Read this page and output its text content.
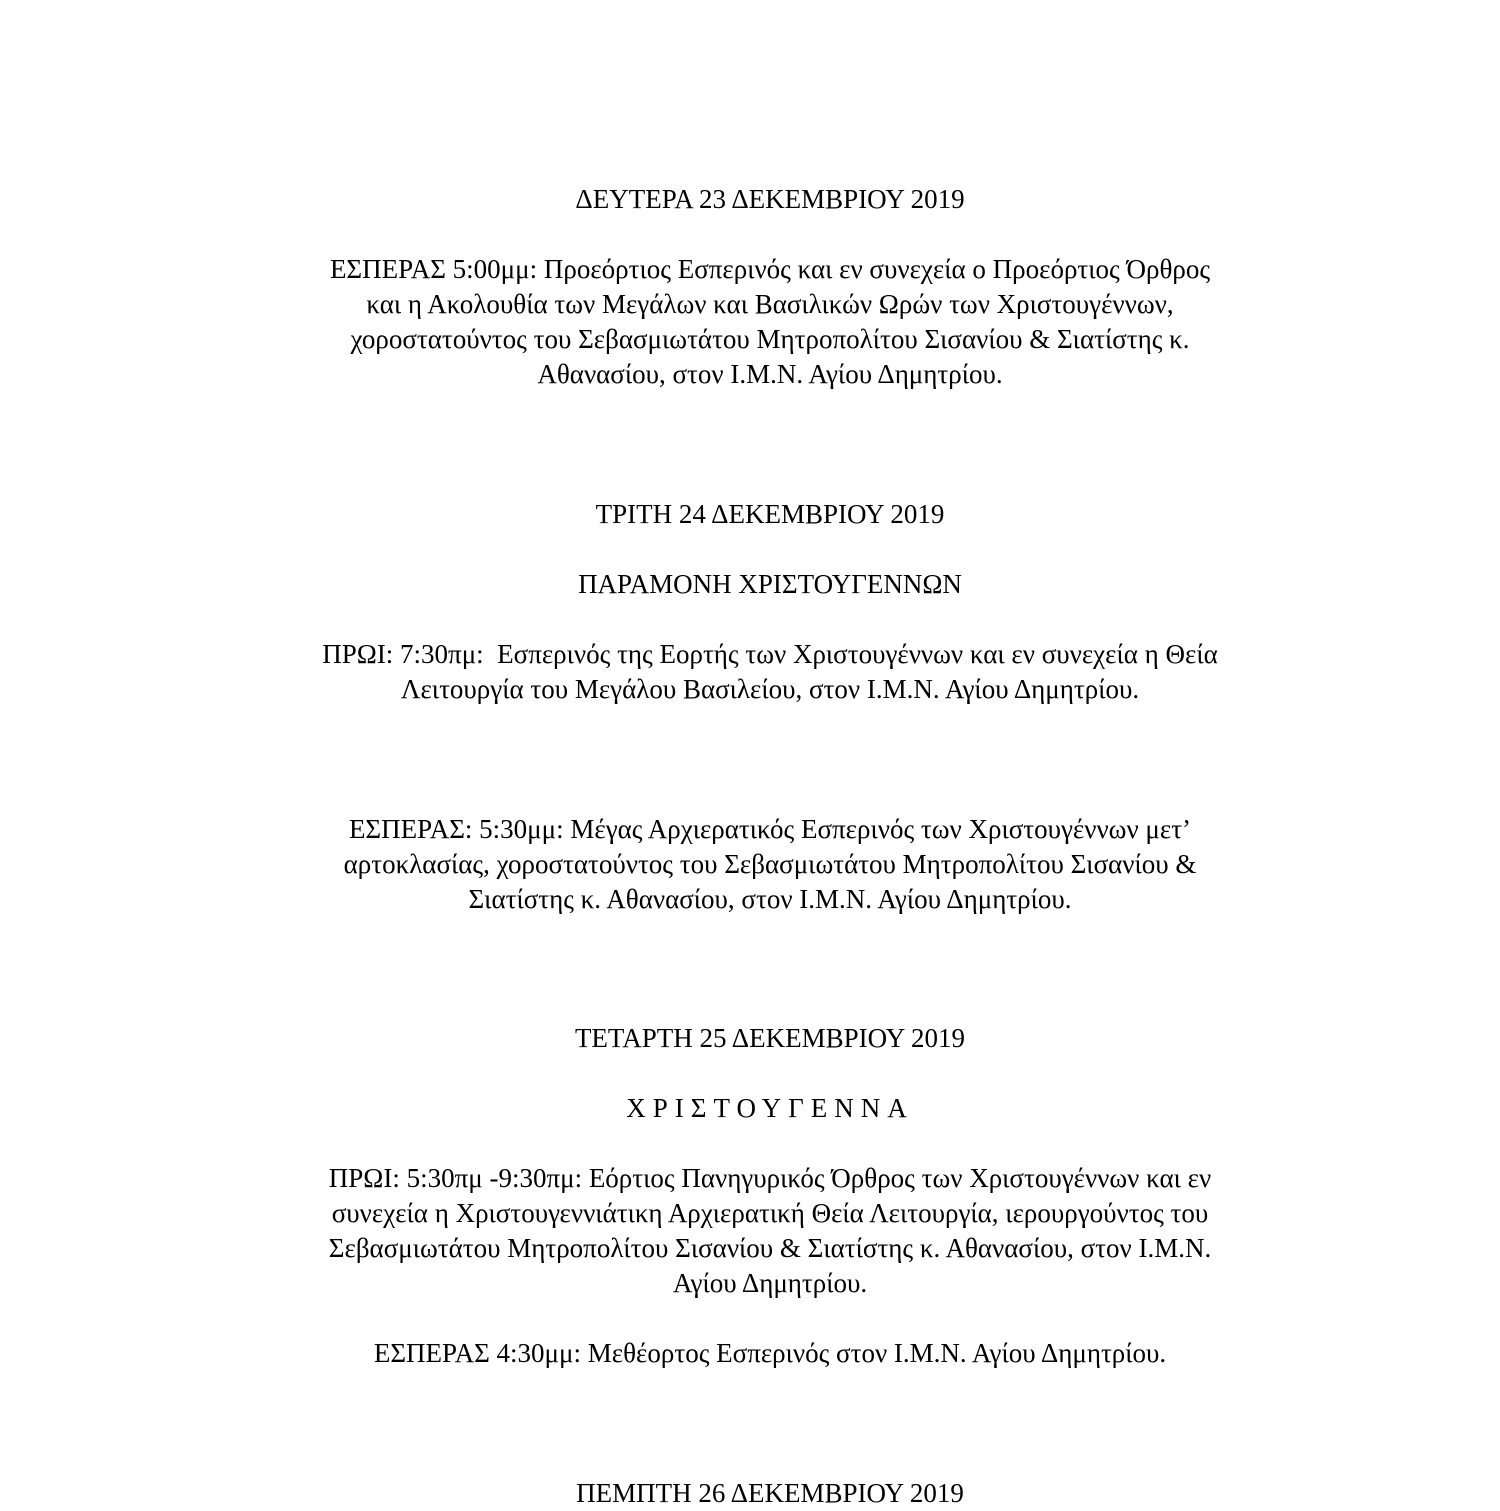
ΔΕΥΤΕΡΑ 23 ΔΕΚΕΜΒΡΙΟΥ 2019
ΕΣΠΕΡΑΣ 5:00μμ: Προεόρτιος Εσπερινός και εν συνεχεία ο Προεόρτιος Όρθρος
και η Ακολουθία των Μεγάλων και Βασιλικών Ωρών των Χριστουγέννων,
χοροστατούντος του Σεβασμιωτάτου Μητροπολίτου Σισανίου & Σιατίστης κ.
Αθανασίου, στον Ι.Μ.Ν. Αγίου Δημητρίου.
ΤΡΙΤΗ 24 ΔΕΚΕΜΒΡΙΟΥ 2019
ΠΑΡΑΜΟΝΗ ΧΡΙΣΤΟΥΓΕΝΝΩΝ
ΠΡΩΙ: 7:30πμ:  Εσπερινός της Εορτής των Χριστουγέννων και εν συνεχεία η Θεία
Λειτουργία του Μεγάλου Βασιλείου, στον Ι.Μ.Ν. Αγίου Δημητρίου.
ΕΣΠΕΡΑΣ: 5:30μμ: Μέγας Αρχιερατικός Εσπερινός των Χριστουγέννων μετ’
αρτοκλασίας, χοροστατούντος του Σεβασμιωτάτου Μητροπολίτου Σισανίου &
Σιατίστης κ. Αθανασίου, στον Ι.Μ.Ν. Αγίου Δημητρίου.
ΤΕΤΑΡΤΗ 25 ΔΕΚΕΜΒΡΙΟΥ 2019
ΧΡΙΣΤΟΥΓΕΝΝΑ
ΠΡΩΙ: 5:30πμ -9:30πμ: Εόρτιος Πανηγυρικός Όρθρος των Χριστουγέννων και εν
συνεχεία η Χριστουγεννιάτικη Αρχιερατική Θεία Λειτουργία, ιερουργούντος του
Σεβασμιωτάτου Μητροπολίτου Σισανίου & Σιατίστης κ. Αθανασίου, στον Ι.Μ.Ν.
Αγίου Δημητρίου.
ΕΣΠΕΡΑΣ 4:30μμ: Μεθέορτος Εσπερινός στον Ι.Μ.Ν. Αγίου Δημητρίου.
ΠΕΜΠΤΗ 26 ΔΕΚΕΜΒΡΙΟΥ 2019
